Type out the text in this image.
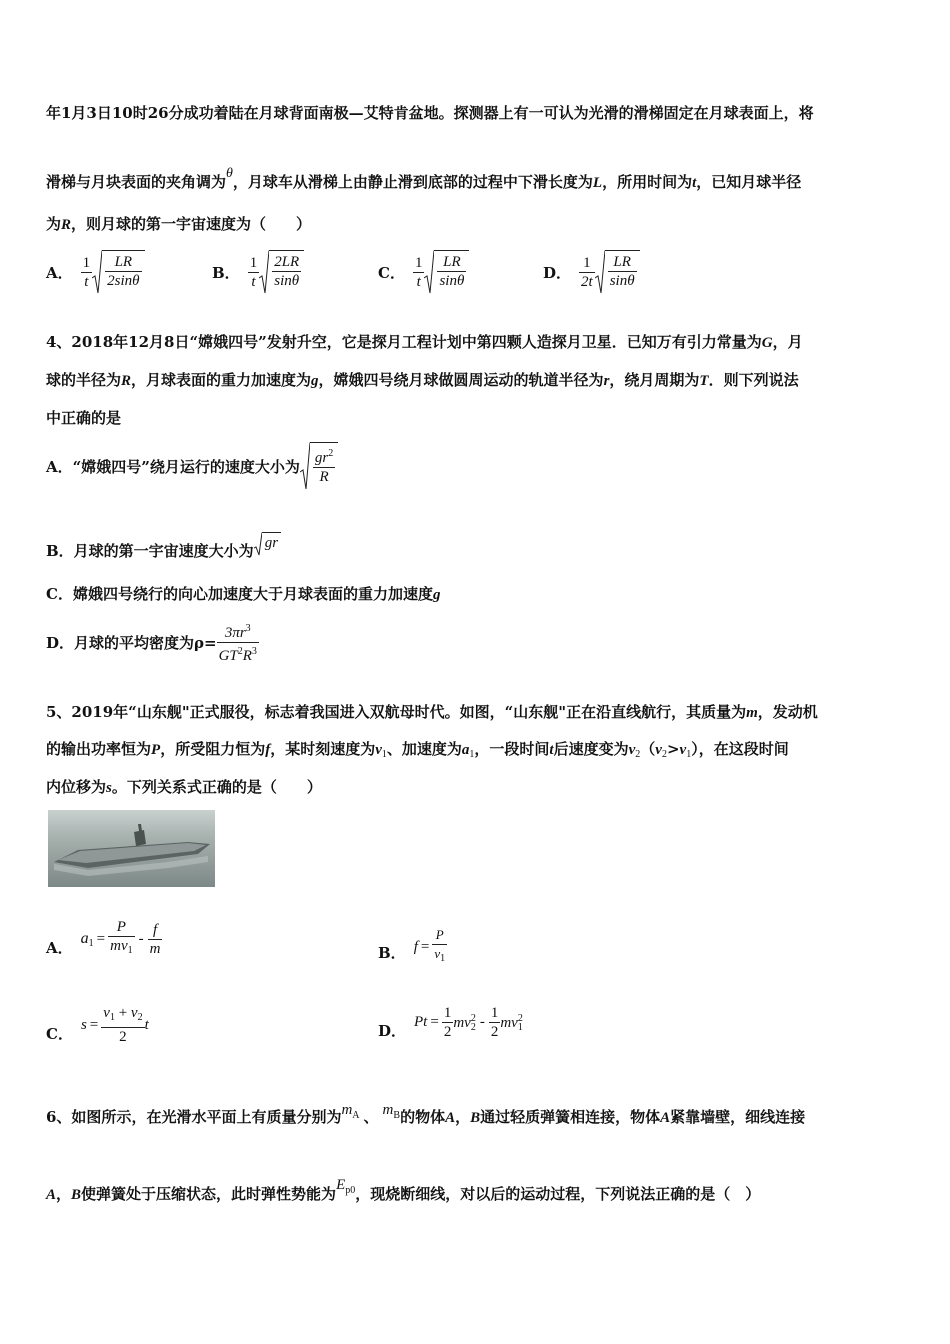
年1月3日10时26分成功着陆在月球背面南极—艾特肯盆地。探测器上有一可认为光滑的滑梯固定在月球表面上，将
滑梯与月块表面的夹角调为θ，月球车从滑梯上由静止滑到底部的过程中下滑长度为L，所用时间为t，已知月球半径
为R，则月球的第一宇宙速度为（　　）
A． $\frac{1}{t} \frac{LR}{2\sin\theta}$	B． $\frac{1}{t} \frac{2LR}{\sin\theta}$	C． $\frac{1}{t} \frac{LR}{\sin\theta}$	D． $\frac{1}{2t} \frac{LR}{\sin\theta}$
4、2018年12月8日“嫦娥四号”发射升空，它是探月工程计划中第四颗人造探月卫星．已知万有引力常量为G，月
球的半径为R，月球表面的重力加速度为g，嫦娥四号绕月球做圆周运动的轨道半径为r，绕月周期为T．则下列说法
中正确的是
A．“嫦娥四号”绕月运行的速度大小为 $\frac{gr^2}{R}$
B．月球的第一宇宙速度大小为 gr
C．嫦娥四号绕行的向心加速度大于月球表面的重力加速度g
D．月球的平均密度为$\rho= \frac{3\pi r^3}{GT^2R^3}$
5、2019年“山东舰"正式服役，标志着我国进入双航母时代。如图，“山东舰"正在沿直线航行，其质量为m，发动机
的输出功率恒为P，所受阻力恒为f，某时刻速度为$v_1$、加速度为$a_1$，一段时间t后速度变为$v_2(v_2>v_1)$，在这段时间
内位移为s。下列关系式正确的是（　　）
A．
$a_1 = \frac{P}{mv_1} - \frac{f}{m}$	B． $f = \frac{P}{v_1}$
C． $s = \frac{v_1 + v_2}{2}$ t	D． $Pt = \frac{1}{2} mv_2^2 - \frac{1}{2} mv_1^2$
6、如图所示，在光滑水平面上有质量分别为$m^A$ 、 $m^B$的物体A，B通过轻质弹簧相连接，物体A紧靠墙壁，细线连接
A，B使弹簧处于压缩状态，此时弹性势能为$E^{p0}$，现烧断细线，对以后的运动过程，下列说法正确的是（　）
